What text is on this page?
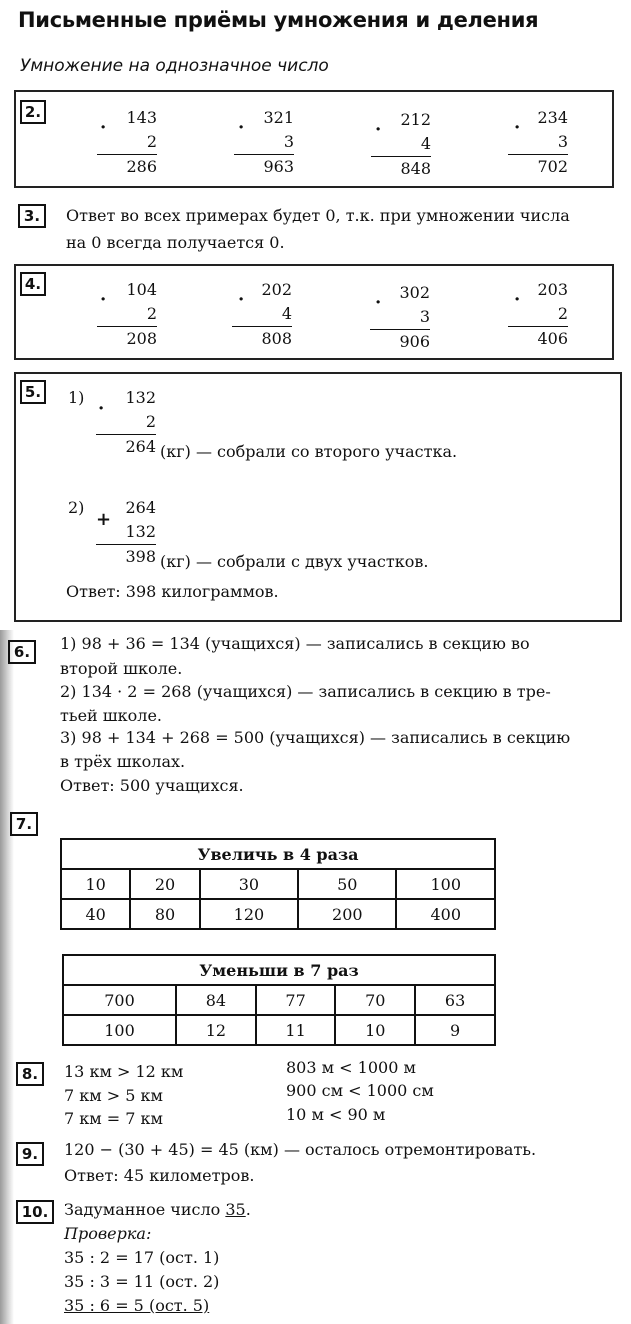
Письменные приёмы умножения и деления
Умножение на однозначное число
2.
·	143
2
286
·	321
3
963
·	212
4
848
·	234
3
702
3.	Ответ во всех примерах будет 0, т.к. при умножении числа
на 0 всегда получается 0.
4.
·	104
2
208
·	202
4
808
·	302
3
906
·	203
2
406
5.	1)
·
132
2
264 (кг) — собрали со второго участка.
2)
+
264
132
398 (кг) — собрали с двух участков.
Ответ: 398 килограммов.
6.	1) 98 + 36 = 134 (учащихся) — записались в секцию во
второй школе.
2) 134 · 2 = 268 (учащихся) — записались в секцию в тре-
тьей школе.
3) 98 + 134 + 268 = 500 (учащихся) — записались в секцию
в трёх школах.
Ответ: 500 учащихся.
7.
Увеличь в 4 раза				
10	20	30	50	100
40	80	120	200	400
Уменьши в 7 раз				
700	84	77	70	63
100	12	11	10	9
8.	13 км > 12 км
7 км > 5 км
7 км = 7 км
803 м < 1000 м
900 см < 1000 см
10 м < 90 м
9.	120 − (30 + 45) = 45 (км) — осталось отремонтировать.
Ответ: 45 километров.
10. Задуманное число 35.
Проверка:
35 : 2 = 17 (ост. 1)
35 : 3 = 11 (ост. 2)
35 : 6 = 5 (ост. 5)
